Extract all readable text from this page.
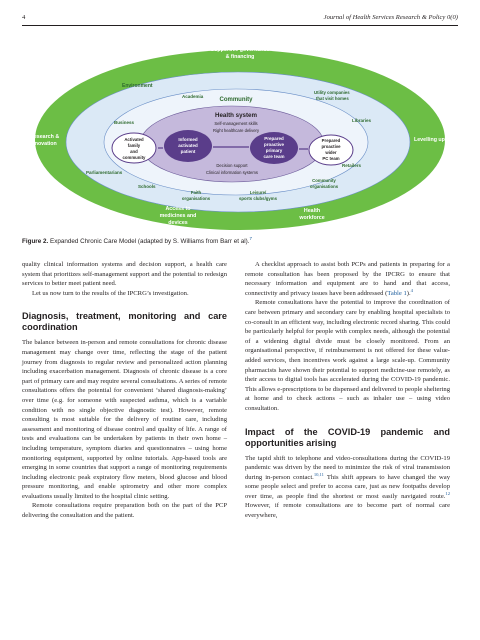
4	Journal of Health Services Research & Policy 0(0)
Supportive governance
& financing	Digital
learning
Research &
innovation
Levelling up
Access to
medicines and
devices
Health
workforce
Environment
Academia
Business
Utility companies
that visit homes
Libraries
Parliamentarians
Schools
Faith
organisations
Leisure/
sports clubs/gyms
Community
organisations
Retailers
Community
Health system
Self-management skills
Right healthcare delivery
Decision support
Clinical information systems
Activated
family
and
community
Informed
activated
patient
Prepared
proactive
primary
care team
Prepared
proactive
wider
PC team
Figure 2. Expanded Chronic Care Model (adapted by S. Williams from Barr et al).$^7$

quality clinical information systems and decision support, a health care system that prioritizes self-management support and the potential to redesign services to better meet patient need.

Let us now turn to the results of the IPCRG’s investigation.

Diagnosis, treatment, monitoring and care coordination

The balance between in-person and remote consultations for chronic disease management may change over time, reflecting the stage of the patient journey from diagnosis to regular review and personalized action planning including exacerbation management. Diagnosis of chronic disease is a core part of primary care and may require several consultations. A series of remote consultations offers the potential for convenient ‘shared diagnosis-making’ over time (e.g. for someone with suspected asthma, which is a variable condition with no single objective diagnostic test). However, remote consulting is most suitable for the delivery of routine care, including assessment and monitoring of disease control and quality of life. A range of tests and evaluations can be undertaken by patients in their own home – including temperature, symptom diaries and questionnaires – using home monitoring equipment, supported by online tutorials. App-based tools are emerging in some countries that support a range of monitoring requirements including electronic peak expiratory flow meters, blood glucose and blood pressure monitoring, and enable spirometry and other more complex evaluations usually limited to the hospital clinic setting.

Remote consultations require preparation both on the part of the PCP delivering the consultation and the patient.

A checklist approach to assist both PCPs and patients in preparing for a remote consultation has been proposed by the IPCRG to ensure that necessary information and equipment are to hand and that access, connectivity and privacy issues have been addressed (Table 1).$^4$

Remote consultations have the potential to improve the coordination of care between primary and secondary care by enabling hospital specialists to co-consult in an efficient way, including electronic record sharing. This could be particularly helpful for people with complex needs, although the potential of a widening digital divide must be closely monitored. From an organisational perspective, if reimbursement is not offered for these value-added services, then incentives work against a large scale-up. Community pharmacists have shown their potential to support medicine-use remotely, as their access to digital tools has accelerated during the COVID-19 pandemic. This allows e-prescriptions to be dispensed and delivered to people sheltering at home and to check actions – such as inhaler use – using video consultation.

Impact of the COVID-19 pandemic and opportunities arising

The tapid shift to telephone and video-consultations during the COVID-19 pandemic was driven by the need to minimize the risk of viral transmission during in-person contact.$^{10,11}$ This shift appears to have changed the way some people select and prefer to access care, just as new footpaths develop over time, as people find the shortest or most easily navigated route.$^{12}$ However, if remote consultations are to become part of normal care everywhere,
